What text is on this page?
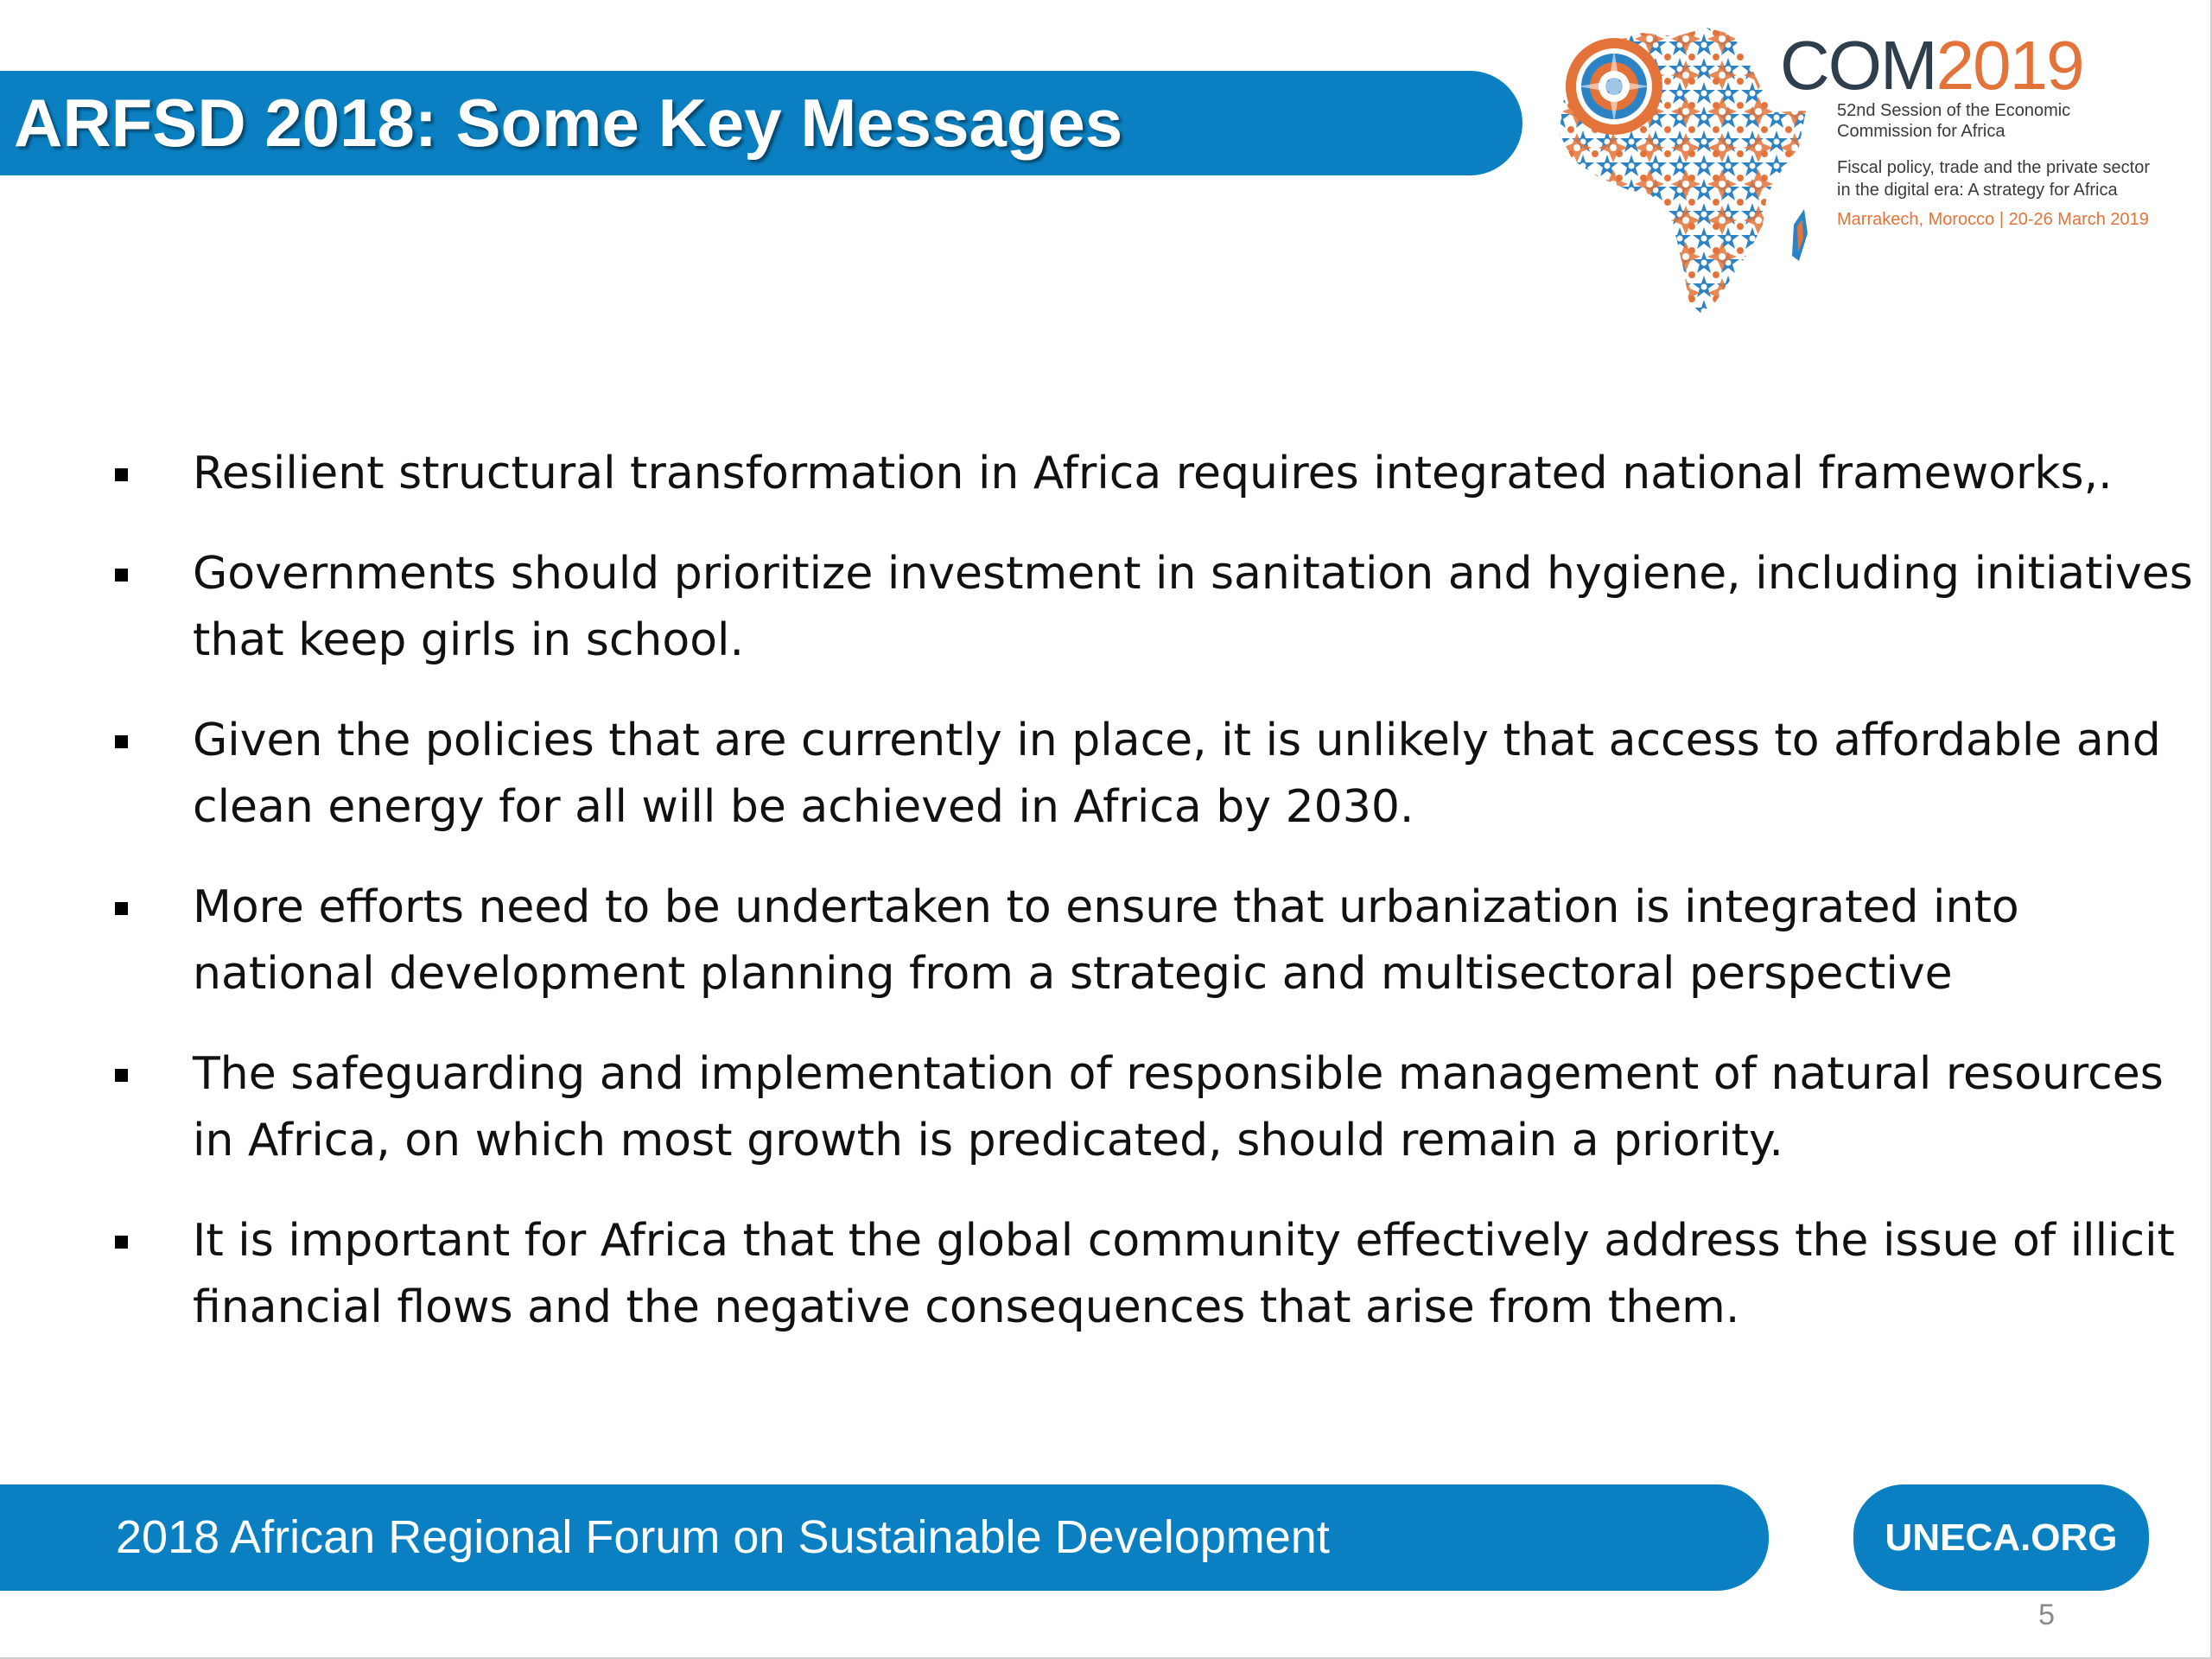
ARFSD 2018: Some Key Messages
COM2019
52nd Session of the Economic
Commission for Africa
Fiscal policy, trade and the private sector
in the digital era: A strategy for Africa
Marrakech, Morocco | 20-26 March 2019
Resilient structural transformation in Africa requires integrated national frameworks,.
Governments should prioritize investment in sanitation and hygiene, including initiatives that keep girls in school.
Given the policies that are currently in place, it is unlikely that access to affordable and clean energy for all will be achieved in Africa by 2030.
More efforts need to be undertaken to ensure that urbanization is integrated into national development planning from a strategic and multisectoral perspective
The safeguarding and implementation of responsible management of natural resources in Africa, on which most growth is predicated, should remain a priority.
It is important for Africa that the global community effectively address the issue of illicit financial flows and the negative consequences that arise from them.
2018 African Regional Forum on Sustainable Development	UNECA.ORG
5
